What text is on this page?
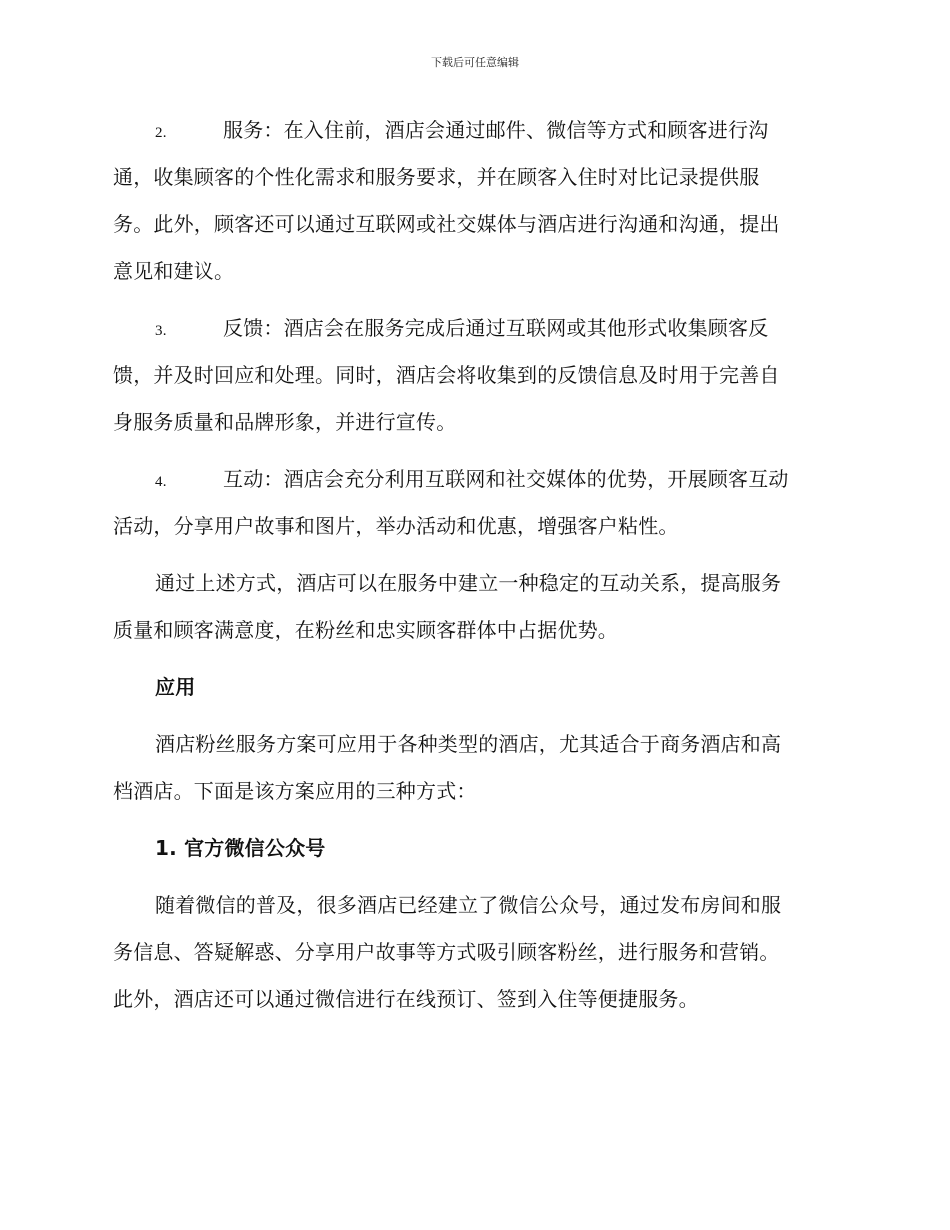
下载后可任意编辑
2.	服务：在入住前，酒店会通过邮件、微信等方式和顾客进行沟
通，收集顾客的个性化需求和服务要求，并在顾客入住时对比记录提供服
务。此外，顾客还可以通过互联网或社交媒体与酒店进行沟通和沟通，提出
意见和建议。
3.	反馈：酒店会在服务完成后通过互联网或其他形式收集顾客反
馈，并及时回应和处理。同时，酒店会将收集到的反馈信息及时用于完善自
身服务质量和品牌形象，并进行宣传。
4.	互动：酒店会充分利用互联网和社交媒体的优势，开展顾客互动
活动，分享用户故事和图片，举办活动和优惠，增强客户粘性。
通过上述方式，酒店可以在服务中建立一种稳定的互动关系，提高服务
质量和顾客满意度，在粉丝和忠实顾客群体中占据优势。
应用
酒店粉丝服务方案可应用于各种类型的酒店，尤其适合于商务酒店和高
档酒店。下面是该方案应用的三种方式：
1. 官方微信公众号
随着微信的普及，很多酒店已经建立了微信公众号，通过发布房间和服
务信息、答疑解惑、分享用户故事等方式吸引顾客粉丝，进行服务和营销。
此外，酒店还可以通过微信进行在线预订、签到入住等便捷服务。
